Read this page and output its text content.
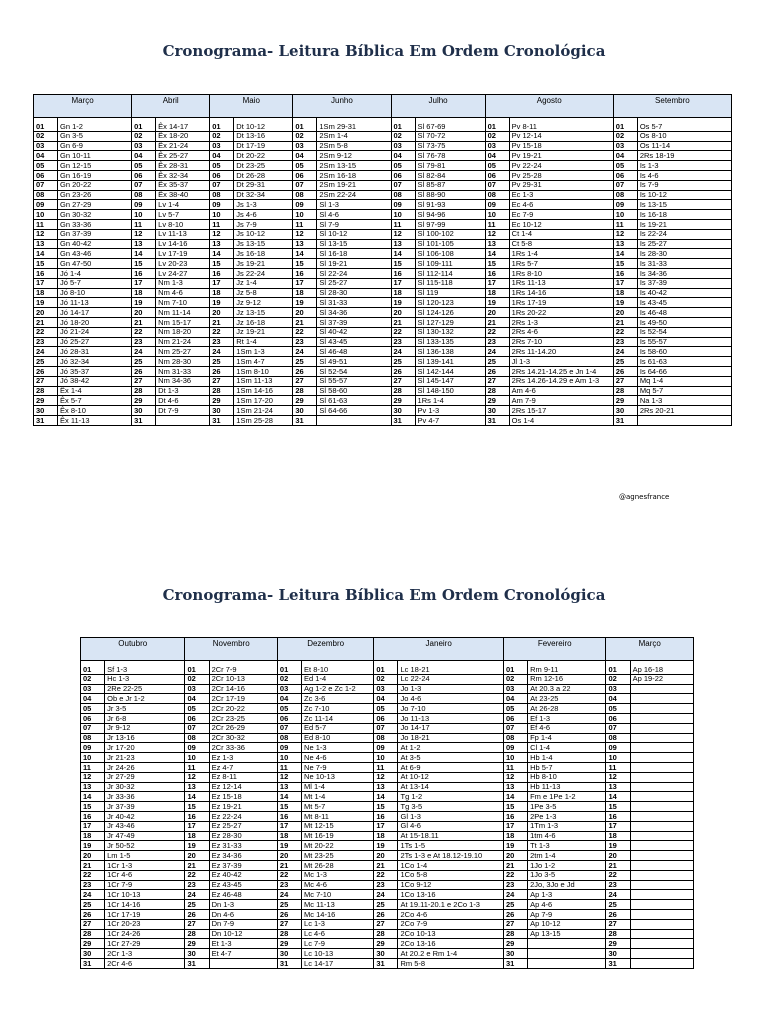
Cronograma- Leitura Bíblica Em Ordem Cronológica
Março		Abril		Maio		Junho		Julho		Agosto		Setembro	

01	Gn 1-2	01	Êx 14-17	01	Dt 10-12	01	1Sm 29-31	01	Sl 67-69	01	Pv 8-11	01	Os 5-7
02	Gn 3-5	02	Êx 18-20	02	Dt 13-16	02	2Sm 1-4	02	Sl 70-72	02	Pv 12-14	02	Os 8-10
03	Gn 6-9	03	Êx 21-24	03	Dt 17-19	03	2Sm 5-8	03	Sl 73-75	03	Pv 15-18	03	Os 11-14
04	Gn 10-11	04	Êx 25-27	04	Dt 20-22	04	2Sm 9-12	04	Sl 76-78	04	Pv 19-21	04	2Rs 18-19
05	Gn 12-15	05	Êx 28-31	05	Dt 23-25	05	2Sm 13-15	05	Sl 79-81	05	Pv 22-24	05	Is 1-3
06	Gn 16-19	06	Êx 32-34	06	Dt 26-28	06	2Sm 16-18	06	Sl 82-84	06	Pv 25-28	06	Is 4-6
07	Gn 20-22	07	Êx 35-37	07	Dt 29-31	07	2Sm 19-21	07	Sl 85-87	07	Pv 29-31	07	Is 7-9
08	Gn 23-26	08	Êx 38-40	08	Dt 32-34	08	2Sm 22-24	08	Sl 88-90	08	Ec 1-3	08	Is 10-12
09	Gn 27-29	09	Lv 1-4	09	Js 1-3	09	Sl 1-3	09	Sl 91-93	09	Ec 4-6	09	Is 13-15
10	Gn 30-32	10	Lv 5-7	10	Js 4-6	10	Sl 4-6	10	Sl 94-96	10	Ec 7-9	10	Is 16-18
11	Gn 33-36	11	Lv 8-10	11	Js 7-9	11	Sl 7-9	11	Sl 97-99	11	Ec 10-12	11	Is 19-21
12	Gn 37-39	12	Lv 11-13	12	Js 10-12	12	Sl 10-12	12	Sl 100-102	12	Ct 1-4	12	Is 22-24
13	Gn 40-42	13	Lv 14-16	13	Js 13-15	13	Sl 13-15	13	Sl 101-105	13	Ct 5-8	13	Is 25-27
14	Gn 43-46	14	Lv 17-19	14	Js 16-18	14	Sl 16-18	14	Sl 106-108	14	1Rs 1-4	14	Is 28-30
15	Gn 47-50	15	Lv 20-23	15	Js 19-21	15	Sl 19-21	15	Sl 109-111	15	1Rs 5-7	15	Is 31-33
16	Jó 1-4	16	Lv 24-27	16	Js 22-24	16	Sl 22-24	16	Sl 112-114	16	1Rs 8-10	16	Is 34-36
17	Jó 5-7	17	Nm 1-3	17	Jz 1-4	17	Sl 25-27	17	Sl 115-118	17	1Rs 11-13	17	Is 37-39
18	Jó 8-10	18	Nm 4-6	18	Jz 5-8	18	Sl 28-30	18	Sl 119	18	1Rs 14-16	18	Is 40-42
19	Jó 11-13	19	Nm 7-10	19	Jz 9-12	19	Sl 31-33	19	Sl 120-123	19	1Rs 17-19	19	Is 43-45
20	Jó 14-17	20	Nm 11-14	20	Jz 13-15	20	Sl 34-36	20	Sl 124-126	20	1Rs 20-22	20	Is 46-48
21	Jó 18-20	21	Nm 15-17	21	Jz 16-18	21	Sl 37-39	21	Sl 127-129	21	2Rs 1-3	21	Is 49-50
22	Jó 21-24	22	Nm 18-20	22	Jz 19-21	22	Sl 40-42	22	Sl 130-132	22	2Rs 4-6	22	Is 52-54
23	Jó 25-27	23	Nm 21-24	23	Rt 1-4	23	Sl 43-45	23	Sl 133-135	23	2Rs 7-10	23	Is 55-57
24	Jó 28-31	24	Nm 25-27	24	1Sm 1-3	24	Sl 46-48	24	Sl 136-138	24	2Rs 11-14.20	24	Is 58-60
25	Jó 32-34	25	Nm 28-30	25	1Sm 4-7	25	Sl 49-51	25	Sl 139-141	25	Jl 1-3	25	Is 61-63
26	Jó 35-37	26	Nm 31-33	26	1Sm 8-10	26	Sl 52-54	26	Sl 142-144	26	2Rs 14.21-14.25 e Jn 1-4	26	Is 64-66
27	Jó 38-42	27	Nm 34-36	27	1Sm 11-13	27	Sl 55-57	27	Sl 145-147	27	2Rs 14.26-14.29 e Am 1-3	27	Mq 1-4
28	Êx 1-4	28	Dt 1-3	28	1Sm 14-16	28	Sl 58-60	28	Sl 148-150	28	Am 4-6	28	Mq 5-7
29	Êx 5-7	29	Dt 4-6	29	1Sm 17-20	29	Sl 61-63	29	1Rs 1-4	29	Am 7-9	29	Na 1-3
30	Êx 8-10	30	Dt 7-9	30	1Sm 21-24	30	Sl 64-66	30	Pv 1-3	30	2Rs 15-17	30	2Rs 20-21
31	Êx 11-13	31		31	1Sm 25-28	31		31	Pv 4-7	31	Os 1-4	31	
@agnesfrance
Cronograma- Leitura Bíblica Em Ordem Cronológica
Outubro		Novembro		Dezembro		Janeiro		Fevereiro		Março	

01	Sf 1-3	01	2Cr 7-9	01	Et 8-10	01	Lc 18-21	01	Rm 9-11	01	Ap 16-18
02	Hc 1-3	02	2Cr 10-13	02	Ed 1-4	02	Lc 22-24	02	Rm 12-16	02	Ap 19-22
03	2Re 22-25	03	2Cr 14-16	03	Ag 1-2 e Zc 1-2	03	Jo 1-3	03	At 20.3 a 22	03	
04	Ob e Jr 1-2	04	2Cr 17-19	04	Zc 3-6	04	Jo 4-6	04	At 23-25	04	
05	Jr 3-5	05	2Cr 20-22	05	Zc 7-10	05	Jo 7-10	05	At 26-28	05	
06	Jr 6-8	06	2Cr 23-25	06	Zc 11-14	06	Jo 11-13	06	Ef 1-3	06	
07	Jr 9-12	07	2Cr 26-29	07	Ed 5-7	07	Jo 14-17	07	Ef 4-6	07	
08	Jr 13-16	08	2Cr 30-32	08	Ed 8-10	08	Jo 18-21	08	Fp 1-4	08	
09	Jr 17-20	09	2Cr 33-36	09	Ne 1-3	09	At 1-2	09	Cl 1-4	09	
10	Jr 21-23	10	Ez 1-3	10	Ne 4-6	10	At 3-5	10	Hb 1-4	10	
11	Jr 24-26	11	Ez 4-7	11	Ne 7-9	11	At 6-9	11	Hb 5-7	11	
12	Jr 27-29	12	Ez 8-11	12	Ne 10-13	12	At 10-12	12	Hb 8-10	12	
13	Jr 30-32	13	Ez 12-14	13	Ml 1-4	13	At 13-14	13	Hb 11-13	13	
14	Jr 33-36	14	Ez 15-18	14	Mt 1-4	14	Tg 1-2	14	Fm e 1Pe 1-2	14	
15	Jr 37-39	15	Ez 19-21	15	Mt 5-7	15	Tg 3-5	15	1Pe 3-5	15	
16	Jr 40-42	16	Ez 22-24	16	Mt 8-11	16	Gl 1-3	16	2Pe 1-3	16	
17	Jr 43-46	17	Ez 25-27	17	Mt 12-15	17	Gl 4-6	17	1Tm 1-3	17	
18	Jr 47-49	18	Ez 28-30	18	Mt 16-19	18	At 15-18.11	18	1tm 4-6	18	
19	Jr 50-52	19	Ez 31-33	19	Mt 20-22	19	1Ts 1-5	19	Tt 1-3	19	
20	Lm 1-5	20	Ez 34-36	20	Mt 23-25	20	2Ts 1-3 e At 18.12-19.10	20	2tm 1-4	20	
21	1Cr 1-3	21	Ez 37-39	21	Mt 26-28	21	1Co 1-4	21	1Jo 1-2	21	
22	1Cr 4-6	22	Ez 40-42	22	Mc 1-3	22	1Co 5-8	22	1Jo 3-5	22	
23	1Cr 7-9	23	Ez 43-45	23	Mc 4-6	23	1Co 9-12	23	2Jo, 3Jo e Jd	23	
24	1Cr 10-13	24	Ez 46-48	24	Mc 7-10	24	1Co 13-16	24	Ap 1-3	24	
25	1Cr 14-16	25	Dn 1-3	25	Mc 11-13	25	At 19.11-20.1 e 2Co 1-3	25	Ap 4-6	25	
26	1Cr 17-19	26	Dn 4-6	26	Mc 14-16	26	2Co 4-6	26	Ap 7-9	26	
27	1Cr 20-23	27	Dn 7-9	27	Lc 1-3	27	2Co 7-9	27	Ap 10-12	27	
28	1Cr 24-26	28	Dn 10-12	28	Lc 4-6	28	2Co 10-13	28	Ap 13-15	28	
29	1Cr 27-29	29	Et 1-3	29	Lc 7-9	29	2Co 13-16	29		29	
30	2Cr 1-3	30	Et 4-7	30	Lc 10-13	30	At 20.2 e Rm 1-4	30		30	
31	2Cr 4-6	31		31	Lc 14-17	31	Rm 5-8	31		31	
